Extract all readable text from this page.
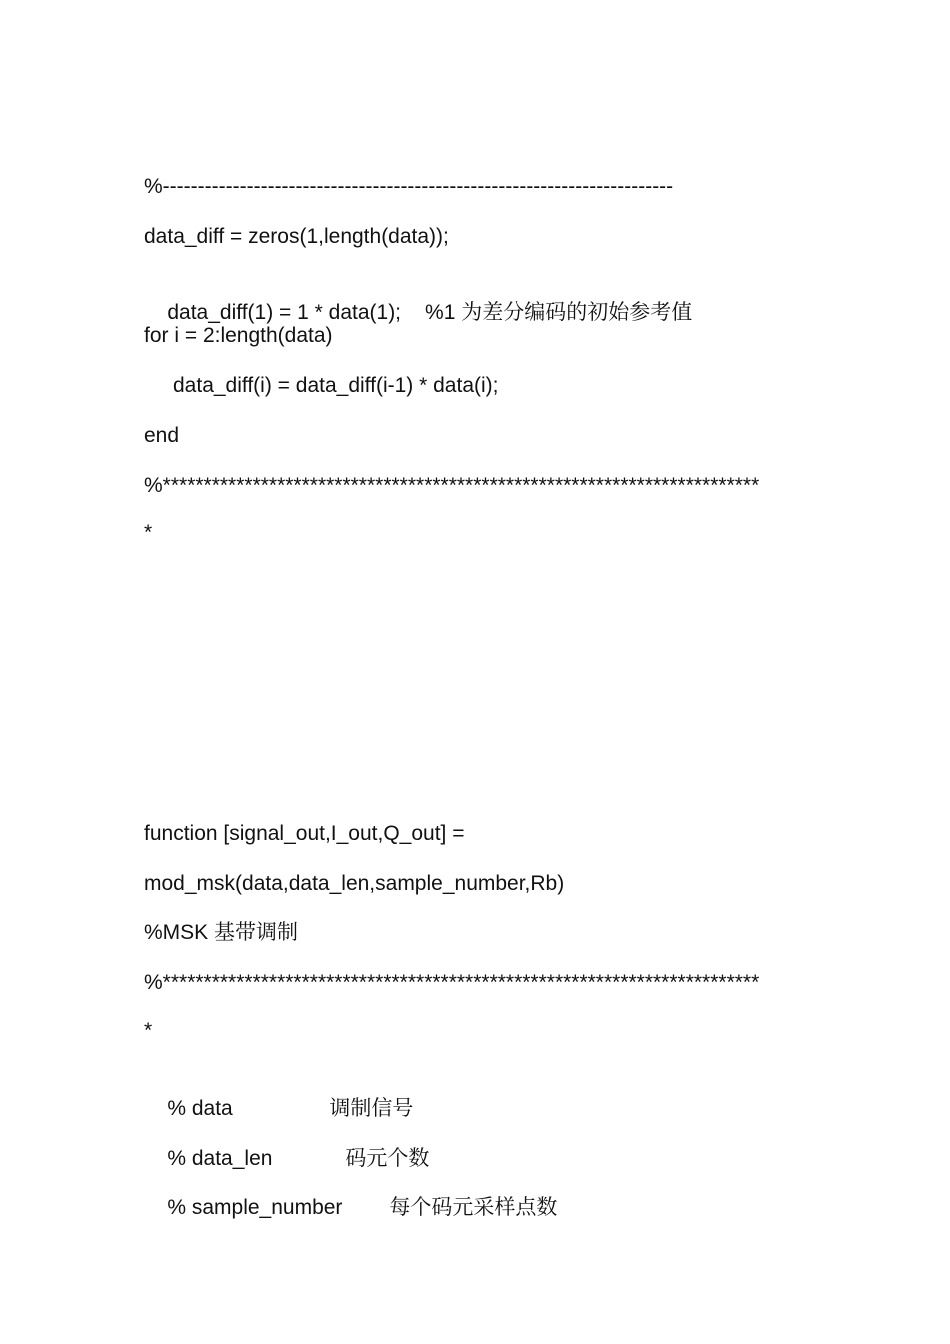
%-------------------------------------------------------------------------
data_diff = zeros(1,length(data));

data_diff(1) = 1 * data(1); %1 为差分编码的初始参考值

for i = 2:length(data)
data_diff(i) = data_diff(i-1) * data(i);
end
%*************************************************************************
*
function [signal_out,I_out,Q_out] =
mod_msk(data,data_len,sample_number,Rb)
%MSK 基带调制
%*************************************************************************
*

% data	调制信号

% data_len	码元个数

% sample_number 每个码元采样点数
